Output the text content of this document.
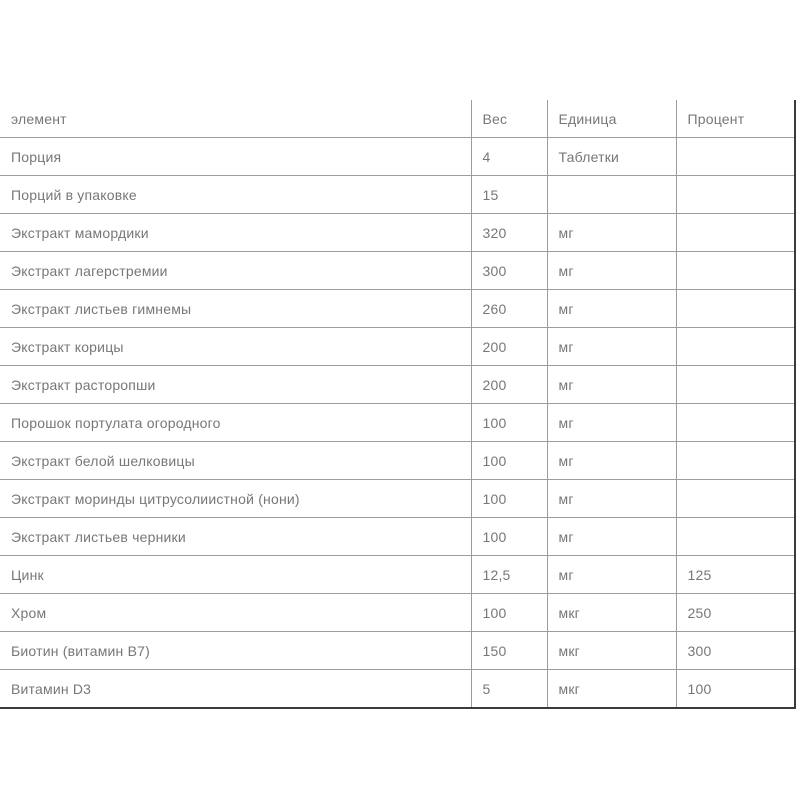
элемент	Вес	Единица	Процент
Порция	4	Таблетки	
Порций в упаковке	15		
Экстракт мамордики	320	мг	
Экстракт лагерстремии	300	мг	
Экстракт листьев гимнемы	260	мг	
Экстракт корицы	200	мг	
Экстракт расторопши	200	мг	
Порошок портулата огородного	100	мг	
Экстракт белой шелковицы	100	мг	
Экстракт моринды цитрусолиистной (нони)	100	мг	
Экстракт листьев черники	100	мг	
Цинк	12,5	мг	125
Хром	100	мкг	250
Биотин (витамин B7)	150	мкг	300
Витамин D3	5	мкг	100
